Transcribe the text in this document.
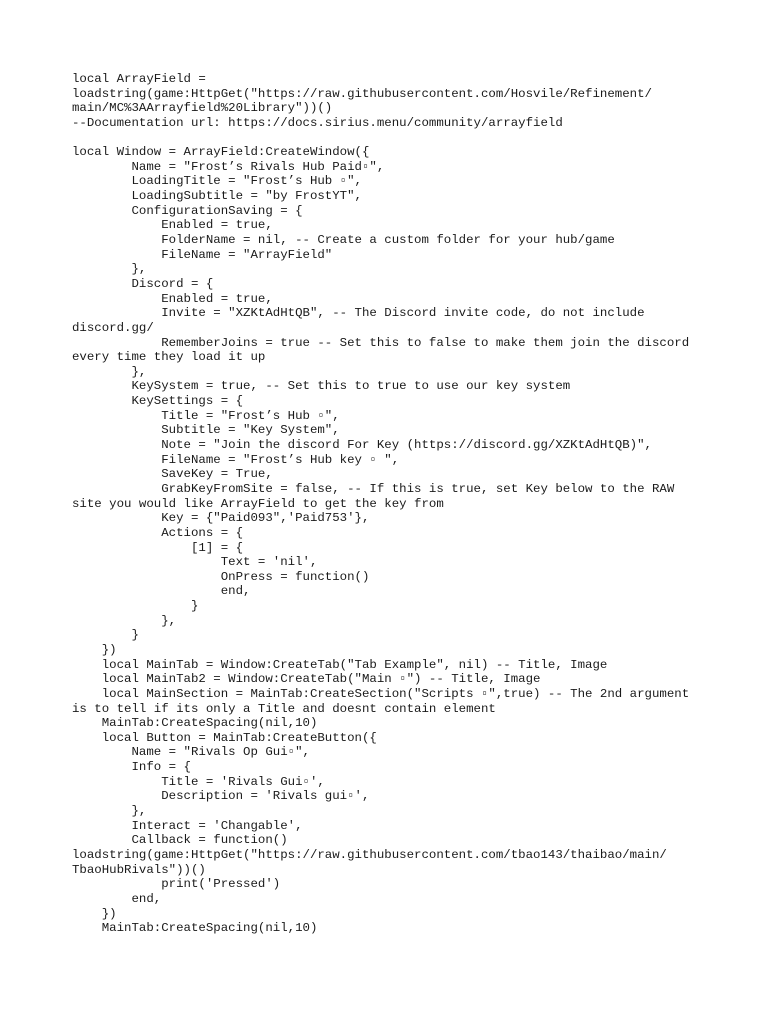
local ArrayField =
loadstring(game:HttpGet("https://raw.githubusercontent.com/Hosvile/Refinement/
main/MC%3AArrayfield%20Library"))()
--Documentation url: https://docs.sirius.menu/community/arrayfield
local Window = ArrayField:CreateWindow({
Name = "Frost’s Rivals Hub Paid▫",
LoadingTitle = "Frost’s Hub ▫",
LoadingSubtitle = "by FrostYT",
ConfigurationSaving = {
Enabled = true,
FolderName = nil, -- Create a custom folder for your hub/game
FileName = "ArrayField"
},
Discord = {
Enabled = true,
Invite = "XZKtAdHtQB", -- The Discord invite code, do not include
discord.gg/
RememberJoins = true -- Set this to false to make them join the discord
every time they load it up
},
KeySystem = true, -- Set this to true to use our key system
KeySettings = {
Title = "Frost’s Hub ▫",
Subtitle = "Key System",
Note = "Join the discord For Key (https://discord.gg/XZKtAdHtQB)",
FileName = "Frost’s Hub key ▫ ",
SaveKey = True,
GrabKeyFromSite = false, -- If this is true, set Key below to the RAW
site you would like ArrayField to get the key from
Key = {"Paid093",'Paid753'},
Actions = {
[1] = {
Text = 'nil',
OnPress = function()
end,
}
},
}
})
local MainTab = Window:CreateTab("Tab Example", nil) -- Title, Image
local MainTab2 = Window:CreateTab("Main ▫") -- Title, Image
local MainSection = MainTab:CreateSection("Scripts ▫",true) -- The 2nd argument
is to tell if its only a Title and doesnt contain element
MainTab:CreateSpacing(nil,10)
local Button = MainTab:CreateButton({
Name = "Rivals Op Gui▫",
Info = {
Title = 'Rivals Gui▫',
Description = 'Rivals gui▫',
},
Interact = 'Changable',
Callback = function()
loadstring(game:HttpGet("https://raw.githubusercontent.com/tbao143/thaibao/main/
TbaoHubRivals"))()
print('Pressed')
end,
})
MainTab:CreateSpacing(nil,10)
